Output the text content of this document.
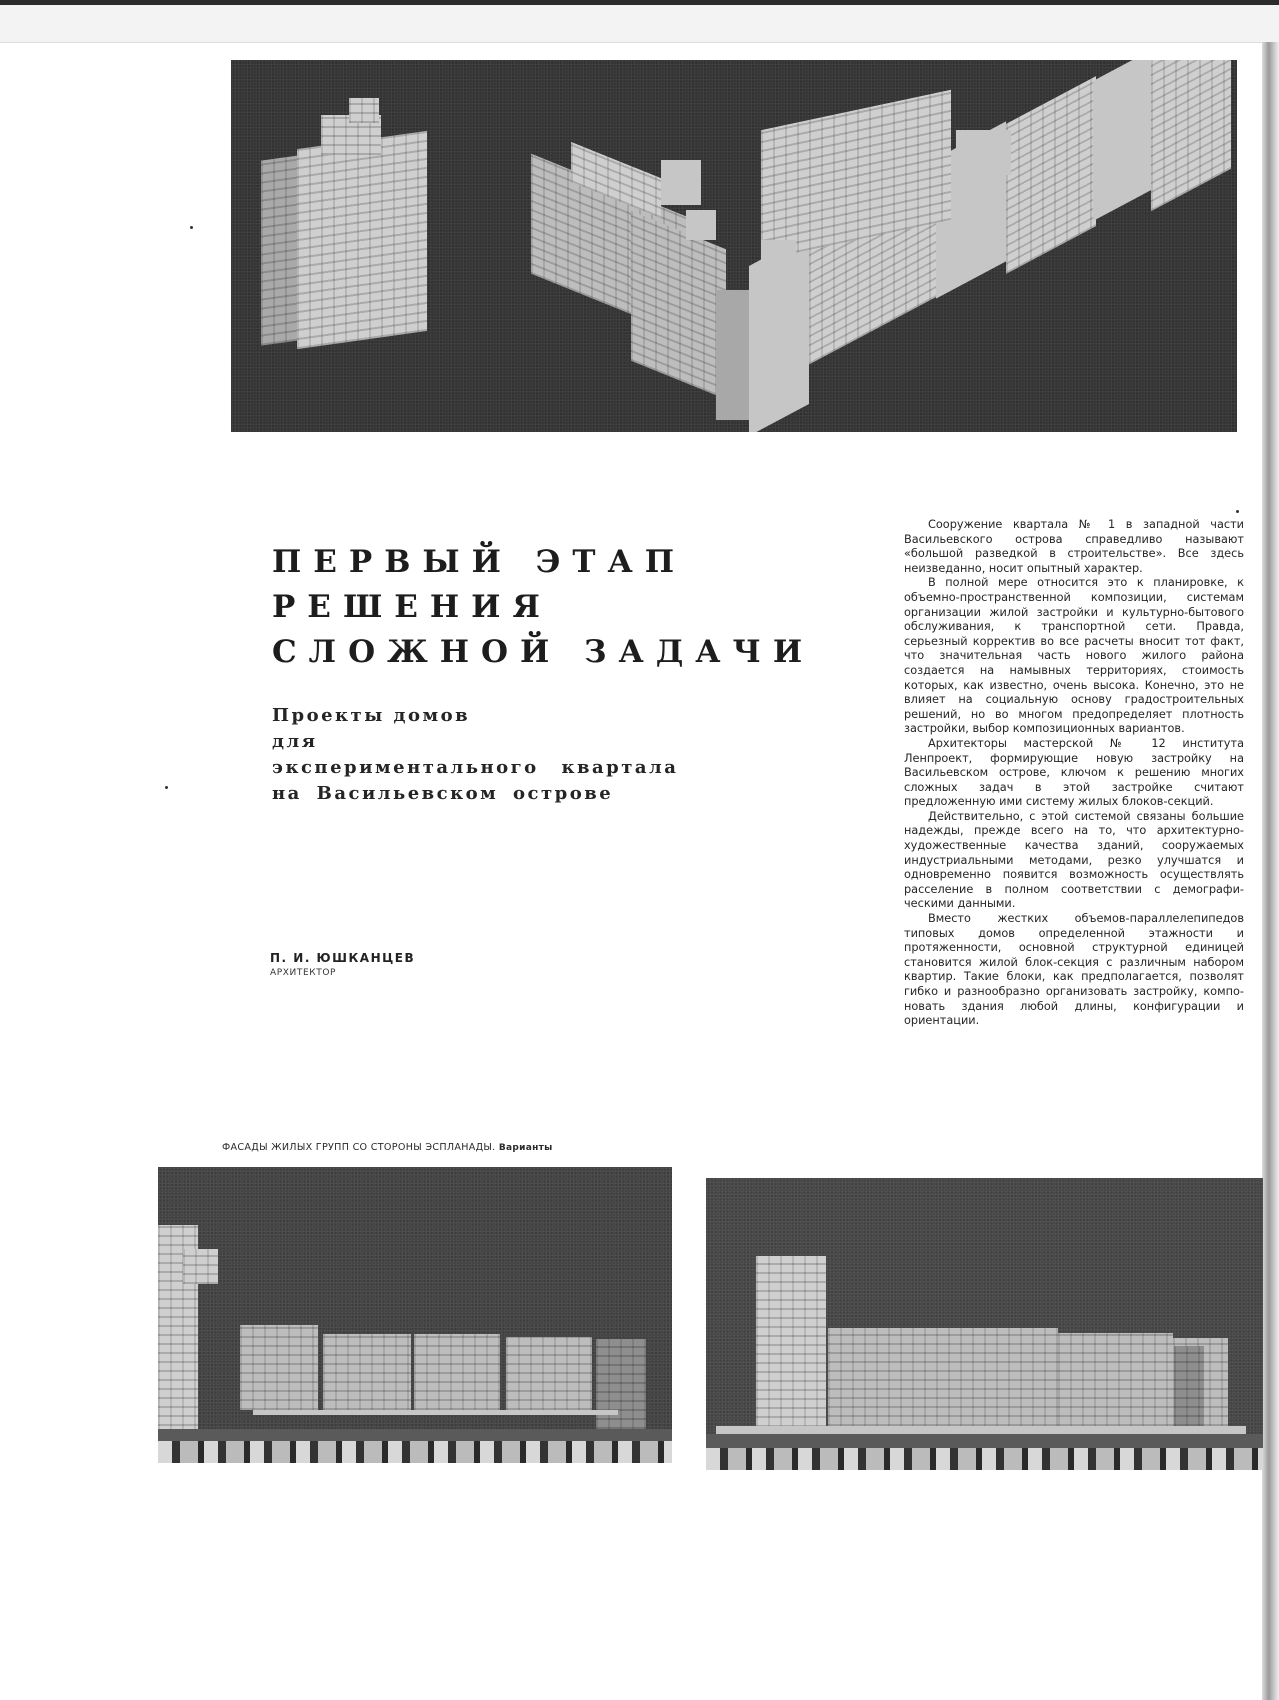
ПЕРВЫЙ ЭТАП
РЕШЕНИЯ
СЛОЖНОЙ ЗАДАЧИ
Проекты домов
для
экспериментального квартала
на Васильевском острове
П. И. ЮШКАНЦЕВ
АРХИТЕКТОР

Сооружение квартала № 1 в западной части Васильевского острова справедливо называют «большой разведкой в строительстве». Все здесь неизведанно, носит опытный характер.

В полной мере относится это к планировке, к объемно-пространственной композиции, системам организации жилой застройки и культурно-бытового обслуживания, к транспортной сети. Правда, серьезный корректив во все расчеты вносит тот факт, что значительная часть нового жилого района создается на намывных территориях, стоимость которых, как известно, очень высока. Конечно, это не влияет на социальную основу градостроительных решений, но во многом предопределяет плотность застройки, выбор композиционных вариантов.

Архитекторы мастерской № 12 института Ленпроект, формирующие новую застройку на Васильевском острове, ключом к решению многих сложных задач в этой застройке считают предложенную ими систему жилых блоков-секций.

Действительно, с этой системой связаны большие надежды, прежде всего на то, что архитектурно-художественные качества зданий, сооружаемых индустриальными методами, резко улучшатся и одновременно появится возможность осуществлять расселение в полном соответствии с демографическими данными.

Вместо жестких объемов-параллелепипедов типовых домов определенной этажности и протяженности, основной структурной единицей становится жилой блок-секция с различным набором квартир. Такие блоки, как предполагается, позволят гибко и разнообразно организовать застройку, компоновать здания любой длины, конфигурации и ориентации.

ФАСАДЫ ЖИЛЫХ ГРУПП СО СТОРОНЫ ЭСПЛАНАДЫ. Варианты
